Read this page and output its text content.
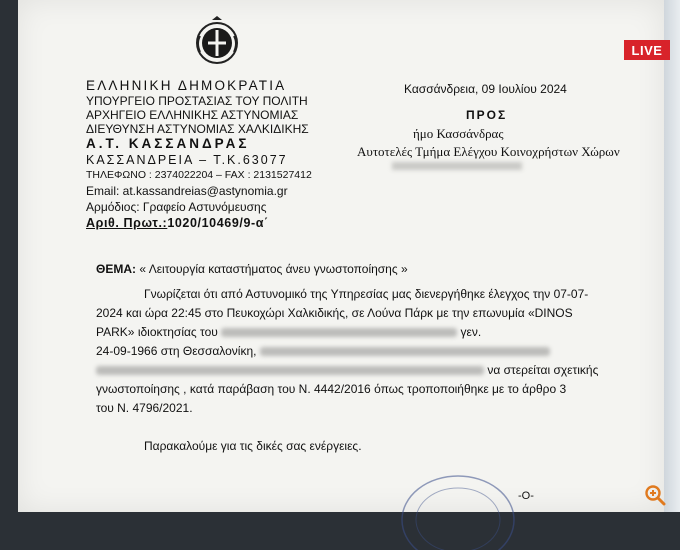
LIVE
ΕΛΛΗΝΙΚΗ ΔΗΜΟΚΡΑΤΙΑ
ΥΠΟΥΡΓΕΙΟ ΠΡΟΣΤΑΣΙΑΣ ΤΟΥ ΠΟΛΙΤΗ
ΑΡΧΗΓΕΙΟ ΕΛΛΗΝΙΚΗΣ ΑΣΤΥΝΟΜΙΑΣ
ΔΙΕΥΘΥΝΣΗ ΑΣΤΥΝΟΜΙΑΣ ΧΑΛΚΙΔΙΚΗΣ
Α.Τ. ΚΑΣΣΑΝΔΡΑΣ
ΚΑΣΣΑΝΔΡΕΙΑ – Τ.Κ.63077
ΤΗΛΕΦΩΝΟ : 2374022204 – FAX : 2131527412
Email: at.kassandreias@astynomia.gr
Αρμόδιος: Γραφείο Αστυνόμευσης
Αριθ. Πρωτ.:1020/10469/9-α΄
Κασσάνδρεια, 09 Ιουλίου 2024
ΠΡΟΣ
ήμο Κασσάνδρας
Αυτοτελές Τμήμα Ελέγχου Κοινοχρήστων Χώρων
ΘΕΜΑ: « Λειτουργία καταστήματος άνευ γνωστοποίησης »
Γνωρίζεται ότι από Αστυνομικό της Υπηρεσίας μας διενεργήθηκε έλεγχος την 07-07-
2024 και ώρα 22:45 στο Πευκοχώρι Χαλκιδικής, σε Λούνα Πάρκ με την επωνυμία «DINOS
PARK» ιδιοκτησίας του	γεν.
24-09-1966 στη Θεσσαλονίκη,
να στερείται σχετικής
γνωστοποίησης , κατά παράβαση του Ν. 4442/2016 όπως τροποποιήθηκε με το άρθρο 3
του Ν. 4796/2021.
Παρακαλούμε για τις δικές σας ενέργειες.
-Ο-
